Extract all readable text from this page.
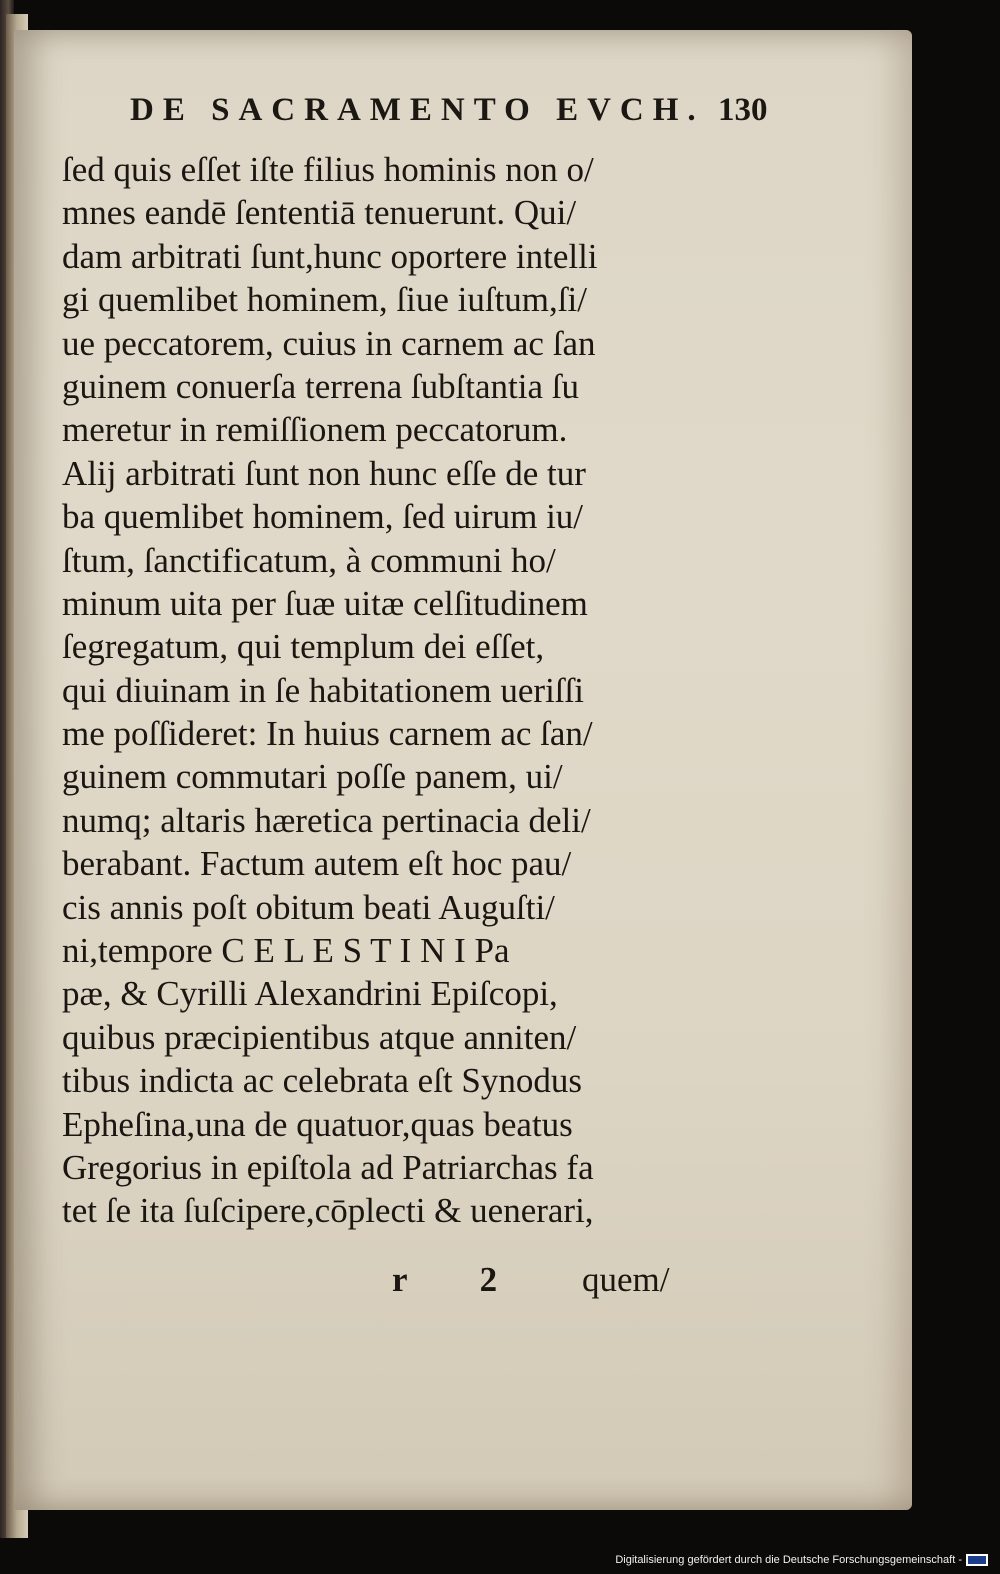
DE SACRAMENTO EVCH. 130
ſed quis eſſet iſte filius hominis non o/
mnes eandē ſententiā tenuerunt. Qui/
dam arbitrati ſunt,hunc oportere intelli
gi quemlibet hominem, ſiue iuſtum,ſi/
ue peccatorem, cuius in carnem ac ſan
guinem conuerſa terrena ſubſtantia ſu
meretur in remiſſionem peccatorum.
Alij arbitrati ſunt non hunc eſſe de tur
ba quemlibet hominem, ſed uirum iu/
ſtum, ſanctificatum, à communi ho/
minum uita per ſuæ uitæ celſitudinem
ſegregatum, qui templum dei eſſet,
qui diuinam in ſe habitationem ueriſſi
me poſſideret: In huius carnem ac ſan/
guinem commutari poſſe panem, ui/
numq; altaris hæretica pertinacia deli/
berabant. Factum autem eſt hoc pau/
cis annis poſt obitum beati Auguſti/
ni,tempore C E L E S T I N I Pa
pæ, & Cyrilli Alexandrini Epiſcopi,
quibus præcipientibus atque anniten/
tibus indicta ac celebrata eſt Synodus
Epheſina,una de quatuor,quas beatus
Gregorius in epiſtola ad Patriarchas fa
tet ſe ita ſuſcipere,cōplecti & uenerari,
r 2 quem/
Digitalisierung gefördert durch die Deutsche Forschungsgemeinschaft -
